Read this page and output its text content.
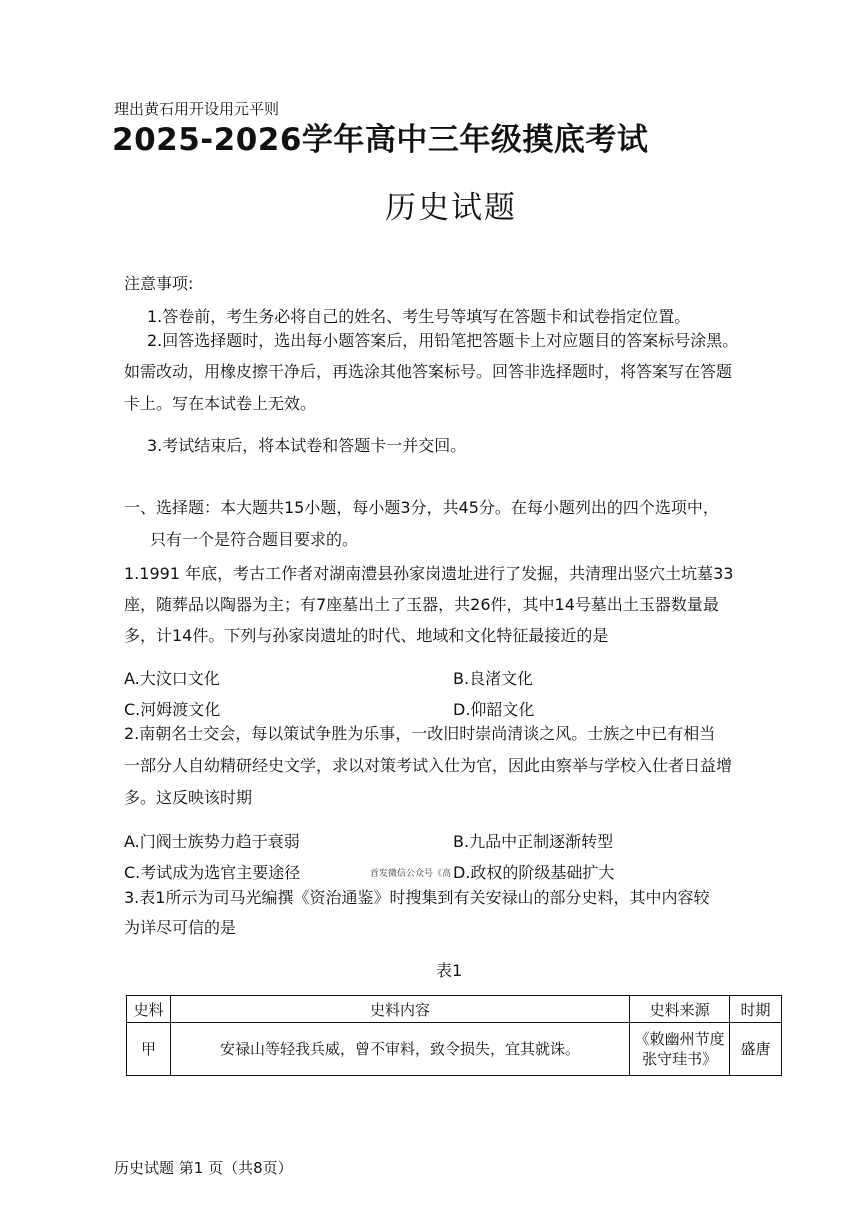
理出黄石用开设用元平则
2025-2026学年高中三年级摸底考试
历史试题
注意事项:
1.答卷前，考生务必将自己的姓名、考生号等填写在答题卡和试卷指定位置。
2.回答选择题时，选出每小题答案后，用铅笔把答题卡上对应题目的答案标号涂黑。
如需改动，用橡皮擦干净后，再选涂其他答案标号。回答非选择题时，将答案写在答题
卡上。写在本试卷上无效。
3.考试结束后，将本试卷和答题卡一并交回。
一、选择题：本大题共15小题，每小题3分，共45分。在每小题列出的四个选项中，
只有一个是符合题目要求的。
1.1991 年底，考古工作者对湖南澧县孙家岗遗址进行了发掘，共清理出竖穴土坑墓33
座，随葬品以陶器为主；有7座墓出土了玉器，共26件，其中14号墓出土玉器数量最
多，计14件。下列与孙家岗遗址的时代、地域和文化特征最接近的是
A.大汶口文化	B.良渚文化
C.河姆渡文化	D.仰韶文化
2.南朝名士交会，每以策试争胜为乐事，一改旧时崇尚清谈之风。士族之中已有相当
一部分人自幼精研经史文学，求以对策考试入仕为官，因此由察举与学校入仕者日益增
多。这反映该时期
A.门阀士族势力趋于衰弱	B.九品中正制逐渐转型
C.考试成为选官主要途径	首发微信公众号《高 D.政权的阶级基础扩大
3.表1所示为司马光编撰《资治通鉴》时搜集到有关安禄山的部分史料，其中内容较
为详尽可信的是
表1
史料	史料内容	史料来源	时期
甲	安禄山等轻我兵威，曾不审料，致令损失，宜其就诛。	《敕幽州节度
张守珪书》	盛唐
历史试题 第1 页（共8页）
